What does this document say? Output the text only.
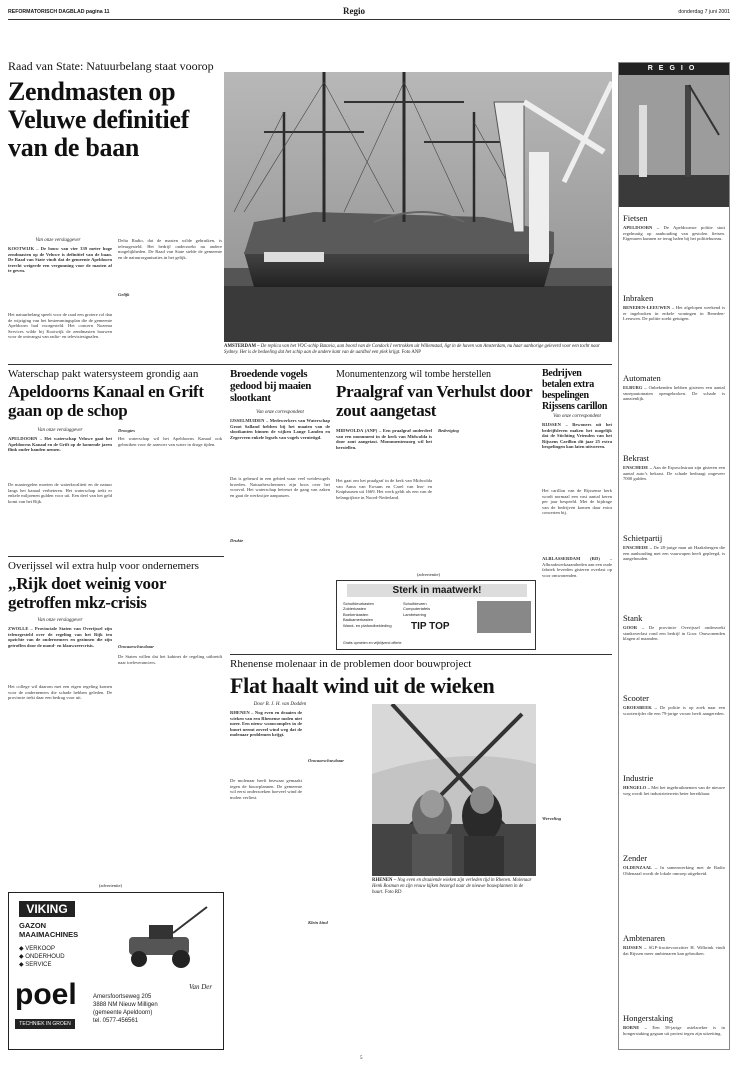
REFORMATORISCH DAGBLAD pagina 11	Regio	donderdag 7 juni 2001
Raad van State: Natuurbelang staat voorop
Zendmasten op Veluwe definitief van de baan
Van onze verslaggever
KOOTWIJK – De bouw van vier 339 meter hoge zendmasten op de Veluwe is definitief van de baan. De Raad van State vindt dat de gemeente Apeldoorn terecht weigerde een vergunning voor de masten af te geven.
Het natuurbelang speelt voor de raad een grotere rol dan de wijziging van het bestemmingsplan die de gemeente Apeldoorn had voorgesteld. Het concern Nozema Services wilde bij Kootwijk de zendmasten bouwen voor de ontvangst van radio- en televisiesignalen.
Delta Radio, dat de masten wilde gebruiken, is teleurgesteld. Het bedrijf onderzoekt nu andere mogelijkheden. De Raad van State stelde de gemeente en de natuurorganisaties in het gelijk.
Gelijk
AMSTERDAM – De replica van het VOC-schip Batavia, aan boord van de Condock I vertrokken uit Willemstad, ligt in de haven van Amsterdam, nu haar aanhorige geleverd voor een tocht naar Sydney. Het is de bedoeling dat het schip aan de andere kant van de aardbol een plek krijgt. Foto ANP
Waterschap pakt watersysteem grondig aan
Apeldoorns Kanaal en Grift gaan op de schop
Van onze verslaggever
APELDOORN – Het waterschap Veluwe gaat het Apeldoorns Kanaal en de Grift op de komende jaren flink onder handen nemen.
De maatregelen moeten de waterkwaliteit en de natuur langs het kanaal verbeteren. Het waterschap trekt er enkele miljoenen gulden voor uit. Een deel van het geld komt van het Rijk.
Droogtes
Het waterschap wil het Apeldoorns Kanaal ook gebruiken voor de aanvoer van water in droge tijden.
Overijssel wil extra hulp voor ondernemers
„Rijk doet weinig voor getroffen mkz-crisis
Van onze verslaggever
ZWOLLE – Provinciale Staten van Overijssel zijn teleurgesteld over de regeling van het Rijk ten opzichte van de ondernemers en gezinnen die zijn getroffen door de mond- en klauwzeercrisis.
Het college wil daarom met een eigen regeling komen voor de ondernemers die schade hebben geleden. De provincie trekt daar een bedrag voor uit.
Onwaarschuwbaar
De Staten willen dat het kabinet de regeling uitbreidt naar toeleveranciers.
(advertentie)
VIKING
GAZON
MAAIMACHINES
◆ VERKOOP
◆ ONDERHOUD
◆ SERVICE
poel
TECHNIEK IN GROEN
Amersfoortseweg 205
3888 NM Nieuw Milligen
(gemeente Apeldoorn)
tel. 0577-456561
Van Der
Broedende vogels gedood bij maaien slootkant
Van onze correspondent
IJSSELMUIDEN – Medewerkers van Waterschap Groot Salland hebben bij het maaien van de slootkanten binnen de wijken Lange Landen en Zegerveen enkele legsels van vogels vernietigd.
Dat is gebeurd in een gebied waar veel weidevogels broeden. Natuurbeschermers zijn boos over het voorval. Het waterschap betreurt de gang van zaken en gaat de werkwijze aanpassen.
Drukte
Monumentenzorg wil tombe herstellen
Praalgraf van Verhulst door zout aangetast
MIDWOLDA (ANP) – Een praalgraf onderdeel van een monument in de kerk van Midwolda is door zout aangetast. Monumentenzorg wil het herstellen.
Het gaat om het praalgraf in de kerk van Midwolda van Anna van Ewsum en Carel van Inn- en Kniphausen uit 1669. Het werk geldt als een van de belangrijkste in Noord-Nederland.
Bedreiging
(advertentie)
Sterk in maatwerk!
Schuifdeurkasten
Zolderkasten
Boekenkasten
Badkamerkasten
Wand- en plafondbekleding
Schuifdeuren
Computertafels
Lambrisering
TIP TOP
Gratis opmeten en vrijblijvend offerte
Bedrijven betalen extra bespelingen Rijssens carillon
Van onze correspondent
RIJSSEN – Bewoners uit het bedrijfsleven maken het mogelijk dat de Stichting Vrienden van het Rijssens Carillon dit jaar 25 extra bespelingen kan laten uitvoeren.
Het carillon van de Rijssense kerk wordt normaal een vast aantal keren per jaar bespeeld. Met de bijdrage van de bedrijven komen daar extra concerten bij.
ALBLASSERDAM (RD) – Afbraakwerkzaamheden aan een oude fabriek leverden gisteren overlast op voor omwonenden.
Rhenense molenaar in de problemen door bouwproject
Flat haalt wind uit de wieken
Door B. J. H. van Dodden
RHENEN – Nog even en draaien de wieken van een Rhenense molen niet meer. Een nieuw wooncomplex in de buurt neemt zoveel wind weg dat de molenaar problemen krijgt.
De molenaar heeft bezwaar gemaakt tegen de bouwplannen. De gemeente wil eerst onderzoeken hoeveel wind de molen verliest.
Onwaarschuwbaar
Klein kind
Werveling
RHENEN – Nog even en draaiende wieken zijn verleden tijd in Rhenen. Molenaar Henk Bosman en zijn vrouw kijken bezorgd naar de nieuwe bouwplannen in de buurt. Foto RD
REGIO
Fietsen
APELDOORN – De Apeldoornse politie stuit regelmatig op aanhouding van gestolen fietsen. Eigenaren kunnen ze terug halen bij het politiebureau.
Inbraken
BENEDEN-LEEUWEN – Het afgelopen weekend is er ingebroken in enkele woningen in Beneden-Leeuwen. De politie zoekt getuigen.
Automaten
ELBURG – Onbekenden hebben gisteren een aantal snoepautomaten opengebroken. De schade is aanzienlijk.
Bekrast
ENSCHEDE – Aan de Esposchstraat zijn gisteren een aantal auto’s bekrast. De schade bedraagt ongeveer 7000 gulden.
Schietpartij
ENSCHEDE – De 28-jarige man uit Haaksbergen die een aanhouding met een vuurwapen heeft gepleegd, is aangehouden.
Stank
GOOR – De provincie Overijssel onderzoekt stankoverlast rond een bedrijf in Goor. Omwonenden klagen al maanden.
Scooter
GROESBEEK – De politie is op zoek naar een scooterrijder die een 79-jarige vrouw heeft aangereden.
Industrie
HENGELO – Met het ingebruiknemen van de nieuwe weg wordt het industrieterrein beter bereikbaar.
Zender
OLDENZAAL – In samenwerking met de Radio Oldenzaal wordt de lokale omroep uitgebreid.
Ambtenaren
RIJSSEN – SGP-fractievoorzitter H. Wilbrink vindt dat Rijssen meer ambtenaren kan gebruiken.
Hongerstaking
BORNE – Een 58-jarige asielzoeker is in hongerstaking gegaan uit protest tegen zijn uitzetting.
5
